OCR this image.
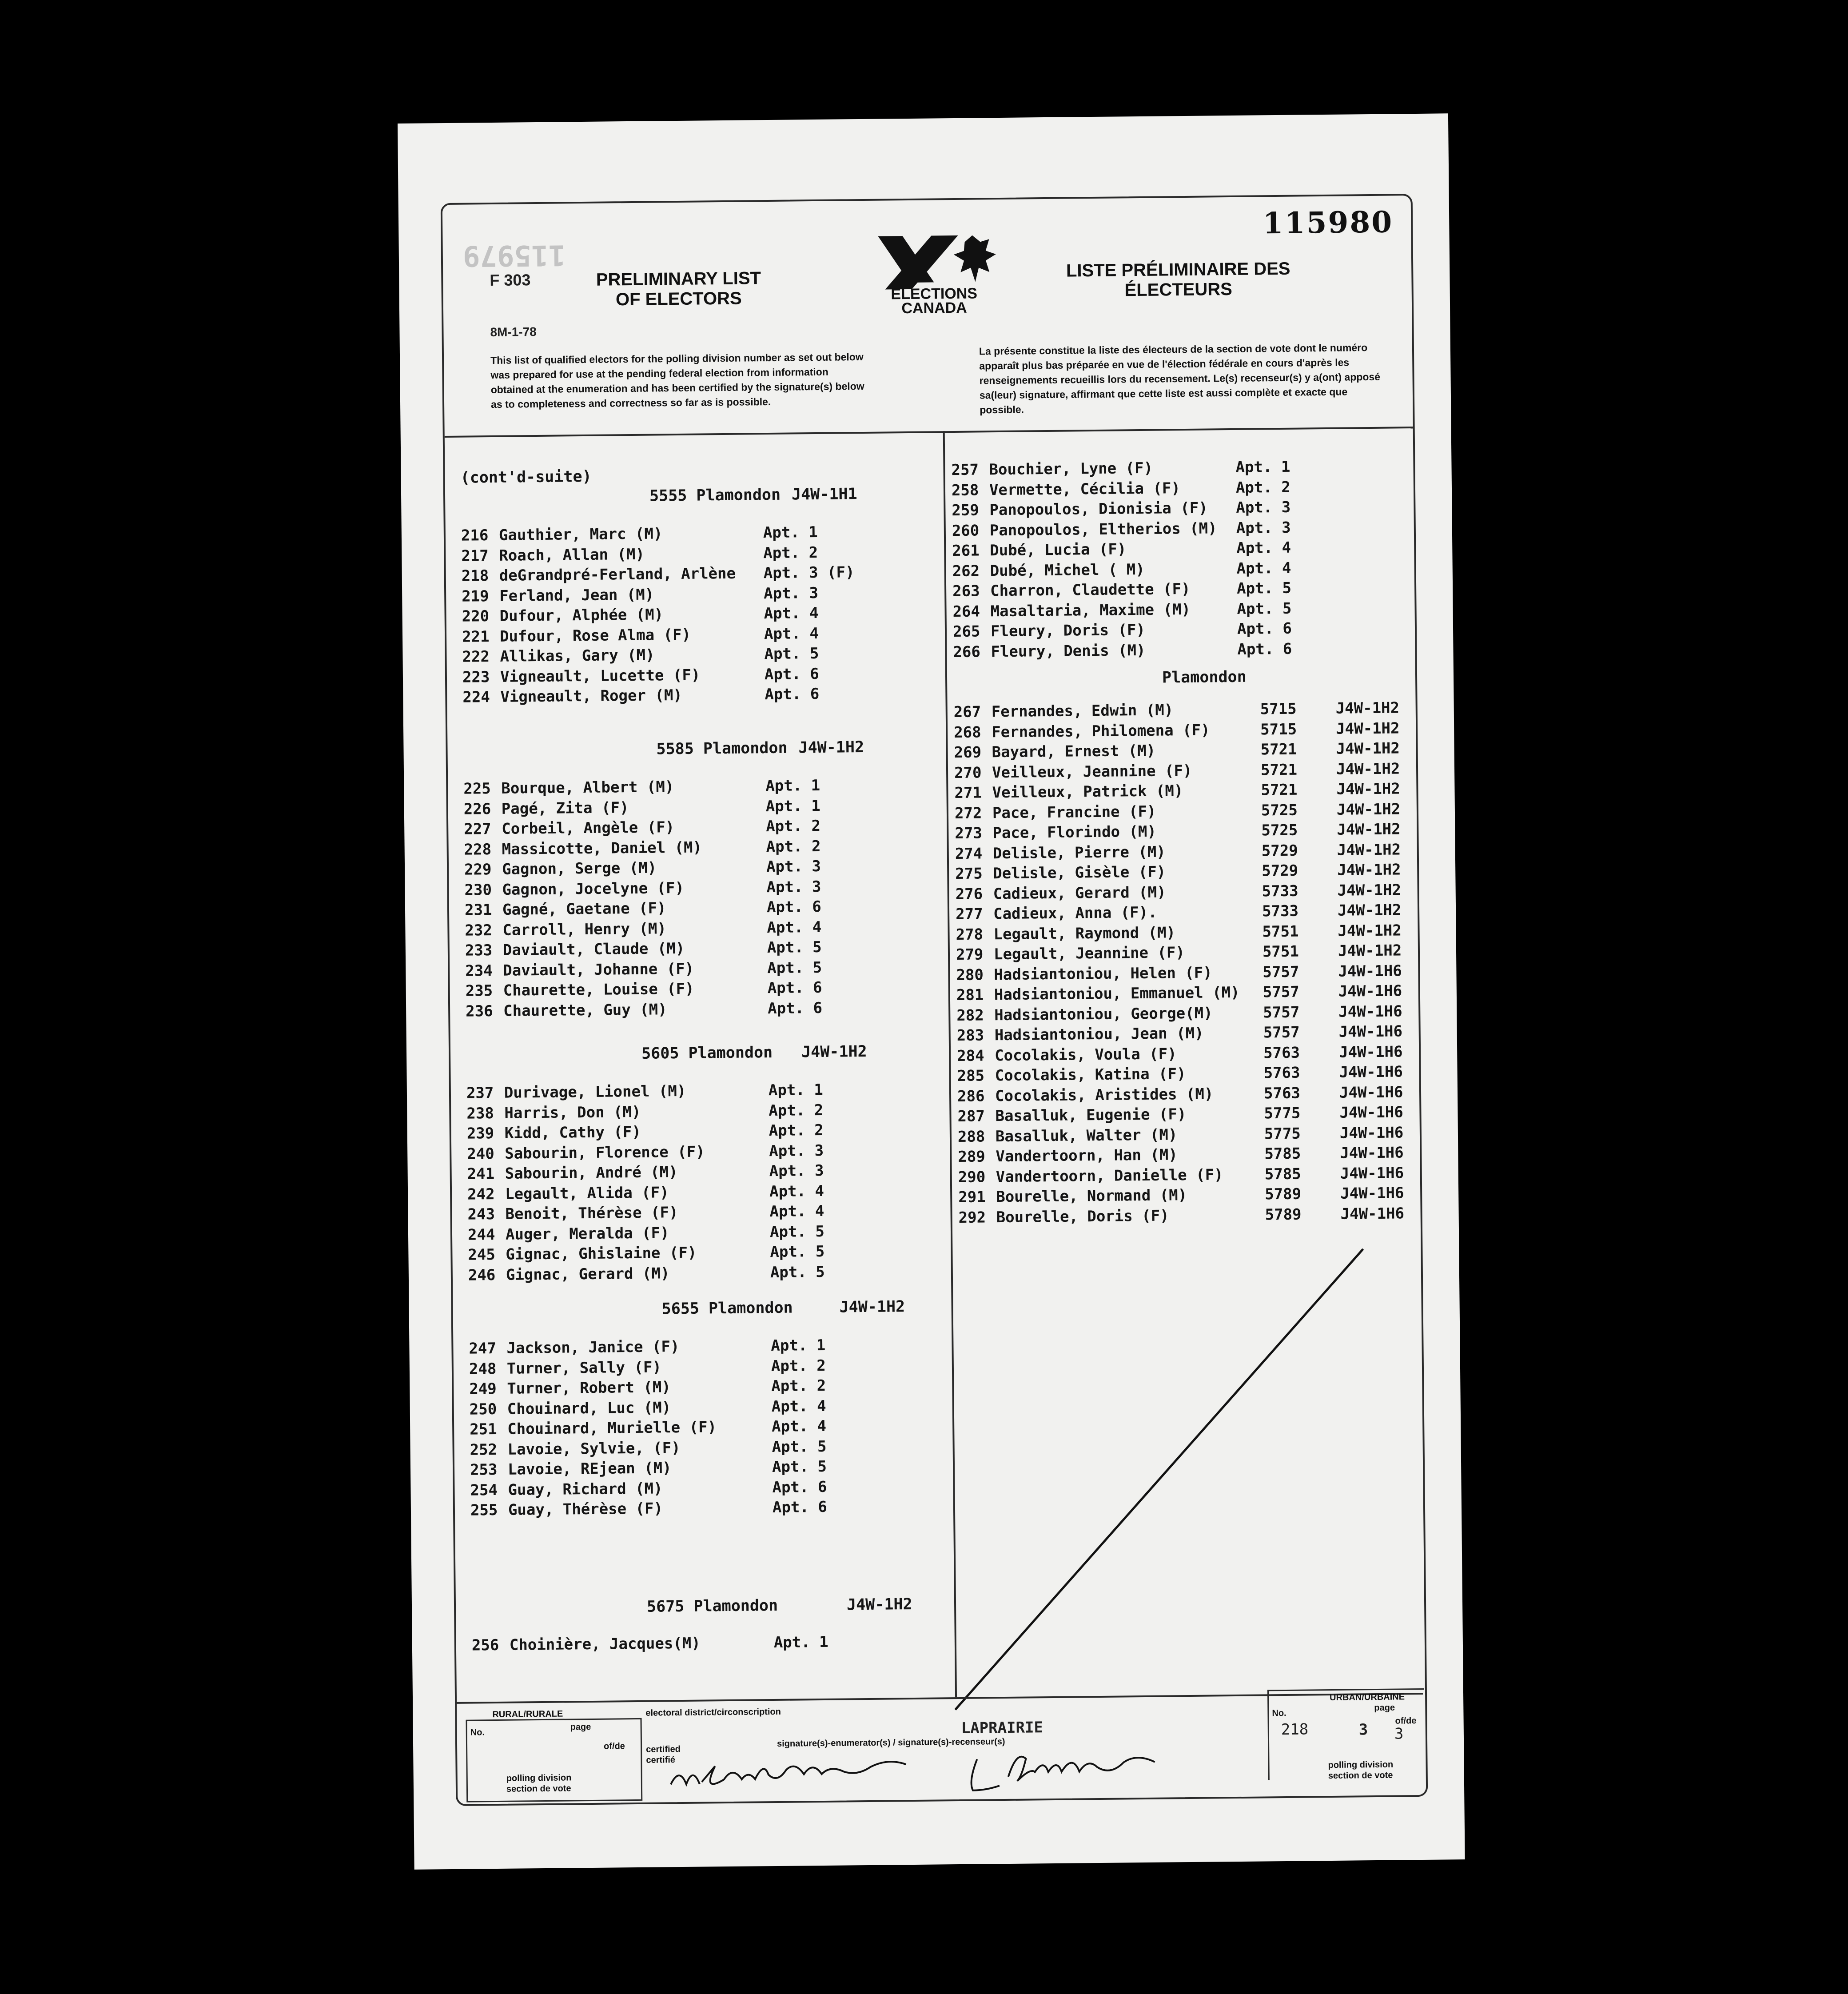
115979
F 303
8M-1-78
PRELIMINARY LIST OF ELECTORS	ELECTIONS CANADA
LISTE PRÉLIMINAIRE DES ÉLECTEURS
115980
This list of qualified electors for the polling division number as set out below was prepared for use at the pending federal election from information obtained at the enumeration and has been certified by the signature(s) below as to completeness and correctness so far as is possible.
La présente constitue la liste des électeurs de la section de vote dont le numéro apparaît plus bas préparée en vue de l'élection fédérale en cours d'après les renseignements recueillis lors du recensement. Le(s) recenseur(s) y a(ont) apposé sa(leur) signature, affirmant que cette liste est aussi complète et exacte que possible.
(cont'd-suite)
5555 Plamondon J4W-1H1
216 Gauthier, Marc (M)	Apt. 1
217 Roach, Allan (M)	Apt. 2
218 deGrandpré-Ferland, Arlène Apt. 3 (F)
219 Ferland, Jean (M)	Apt. 3
220 Dufour, Alphée (M)	Apt. 4
221 Dufour, Rose Alma (F)	Apt. 4
222 Allikas, Gary (M)	Apt. 5
223 Vigneault, Lucette (F)	Apt. 6
224 Vigneault, Roger (M)	Apt. 6
5585 Plamondon J4W-1H2
225 Bourque, Albert (M)	Apt. 1
226 Pagé, Zita (F)	Apt. 1
227 Corbeil, Angèle (F)	Apt. 2
228 Massicotte, Daniel (M)	Apt. 2
229 Gagnon, Serge (M)	Apt. 3
230 Gagnon, Jocelyne (F)	Apt. 3
231 Gagné, Gaetane (F)	Apt. 6
232 Carroll, Henry (M)	Apt. 4
233 Daviault, Claude (M)	Apt. 5
234 Daviault, Johanne (F)	Apt. 5
235 Chaurette, Louise (F)	Apt. 6
236 Chaurette, Guy (M)	Apt. 6
5605 Plamondon J4W-1H2
237 Durivage, Lionel (M)	Apt. 1
238 Harris, Don (M)	Apt. 2
239 Kidd, Cathy (F)	Apt. 2
240 Sabourin, Florence (F)	Apt. 3
241 Sabourin, André (M)	Apt. 3
242 Legault, Alida (F)	Apt. 4
243 Benoit, Thérèse (F)	Apt. 4
244 Auger, Meralda (F)	Apt. 5
245 Gignac, Ghislaine (F)	Apt. 5
246 Gignac, Gerard (M)	Apt. 5
5655 Plamondon	J4W-1H2
247 Jackson, Janice (F)	Apt. 1
248 Turner, Sally (F)	Apt. 2
249 Turner, Robert (M)	Apt. 2
250 Chouinard, Luc (M)	Apt. 4
251 Chouinard, Murielle (F)	Apt. 4
252 Lavoie, Sylvie, (F)	Apt. 5
253 Lavoie, REjean (M)	Apt. 5
254 Guay, Richard (M)	Apt. 6
255 Guay, Thérèse (F)	Apt. 6
5675 Plamondon	J4W-1H2
256 Choinière, Jacques(M)	Apt. 1
257 Bouchier, Lyne (F)	Apt. 1
258 Vermette, Cécilia (F)	Apt. 2
259 Panopoulos, Dionisia (F) Apt. 3
260 Panopoulos, Eltherios (M) Apt. 3
261 Dubé, Lucia (F)	Apt. 4
262 Dubé, Michel ( M)	Apt. 4
263 Charron, Claudette (F)	Apt. 5
264 Masaltaria, Maxime (M)	Apt. 5
265 Fleury, Doris (F)	Apt. 6
266 Fleury, Denis (M)	Apt. 6
Plamondon
267 Fernandes, Edwin (M)	5715	J4W-1H2
268 Fernandes, Philomena (F)	5715	J4W-1H2
269 Bayard, Ernest (M)	5721	J4W-1H2
270 Veilleux, Jeannine (F)	5721	J4W-1H2
271 Veilleux, Patrick (M)	5721	J4W-1H2
272 Pace, Francine (F)	5725	J4W-1H2
273 Pace, Florindo (M)	5725	J4W-1H2
274 Delisle, Pierre (M)	5729	J4W-1H2
275 Delisle, Gisèle (F)	5729	J4W-1H2
276 Cadieux, Gerard (M)	5733	J4W-1H2
277 Cadieux, Anna (F).	5733	J4W-1H2
278 Legault, Raymond (M)	5751	J4W-1H2
279 Legault, Jeannine (F)	5751	J4W-1H2
280 Hadsiantoniou, Helen (F)	5757	J4W-1H6
281 Hadsiantoniou, Emmanuel (M) 5757	J4W-1H6
282 Hadsiantoniou, George(M)	5757	J4W-1H6
283 Hadsiantoniou, Jean (M)	5757	J4W-1H6
284 Cocolakis, Voula (F)	5763	J4W-1H6
285 Cocolakis, Katina (F)	5763	J4W-1H6
286 Cocolakis, Aristides (M)	5763	J4W-1H6
287 Basalluk, Eugenie (F)	5775	J4W-1H6
288 Basalluk, Walter (M)	5775	J4W-1H6
289 Vandertoorn, Han (M)	5785	J4W-1H6
290 Vandertoorn, Danielle (F)	5785	J4W-1H6
291 Bourelle, Normand (M)	5789	J4W-1H6
292 Bourelle, Doris (F)	5789	J4W-1H6
RURAL/RURALE
No.
page
of/de
polling division
section de vote
electoral district/circonscription
LAPRAIRIE
certified
certifié
signature(s)-enumerator(s) / signature(s)-recenseur(s)
M. Lotdaule
URBAN/URBAINE
No.
page
of/de
218	3 3
polling division
section de vote
